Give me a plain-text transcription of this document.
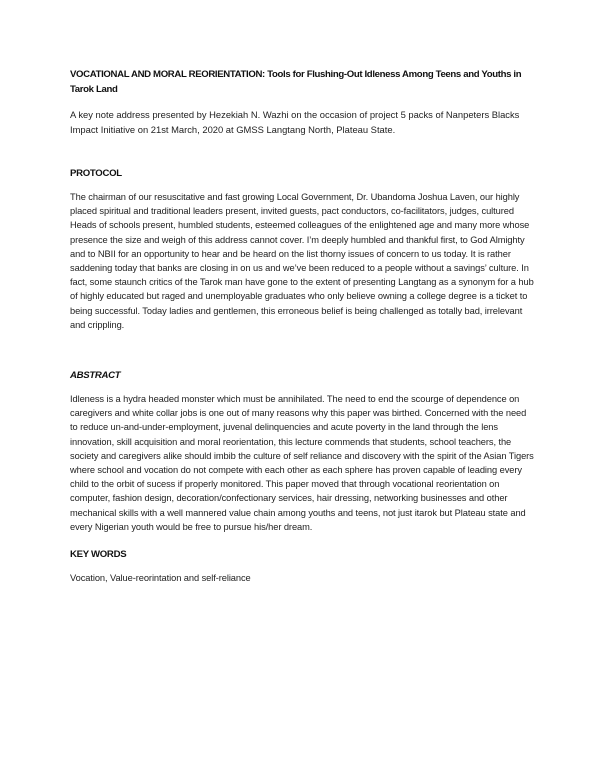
VOCATIONAL AND MORAL REORIENTATION: Tools for Flushing-Out Idleness Among Teens and Youths in Tarok Land

A key note address presented by Hezekiah N. Wazhi on the occasion of project 5 packs of Nanpeters Blacks Impact Initiative on 21st March, 2020 at GMSS Langtang North, Plateau State.

PROTOCOL

The chairman of our resuscitative and fast growing Local Government, Dr. Ubandoma Joshua Laven, our highly placed spiritual and traditional leaders present, invited guests, pact conductors, co-facilitators, judges, cultured Heads of schools present, humbled students, esteemed colleagues of the enlightened age and many more whose presence the size and weigh of this address cannot cover. I’m deeply humbled and thankful first, to God Almighty and to NBII for an opportunity to hear and be heard on the list thorny issues of concern to us today. It is rather saddening today that banks are closing in on us and we’ve been reduced to a people without a savings’ culture. In fact, some staunch critics of the Tarok man have gone to the extent of presenting Langtang as a synonym for a hub of highly educated but raged and unemployable graduates who only believe owning a college degree is a ticket to being successful. Today ladies and gentlemen, this erroneous belief is being challenged as totally bad, irrelevant and crippling.

ABSTRACT

Idleness is a hydra headed monster which must be annihilated. The need to end the scourge of dependence on caregivers and white collar jobs is one out of many reasons why this paper was birthed. Concerned with the need to reduce un-and-under-employment, juvenal delinquencies and acute poverty in the land through the lens innovation, skill acquisition and moral reorientation, this lecture commends that students, school teachers, the society and caregivers alike should imbib the culture of self reliance and discovery with the spirit of the Asian Tigers where school and vocation do not compete with each other as each sphere has proven capable of leading every child to the orbit of sucess if properly monitored. This paper moved that through vocational reorientation on computer, fashion design, decoration/confectionary services, hair dressing, networking businesses and other mechanical skills with a well mannered value chain among youths and teens, not just itarok but Plateau state and every Nigerian youth would be free to pursue his/her dream.

KEY WORDS

Vocation, Value-reorintation and self-reliance
